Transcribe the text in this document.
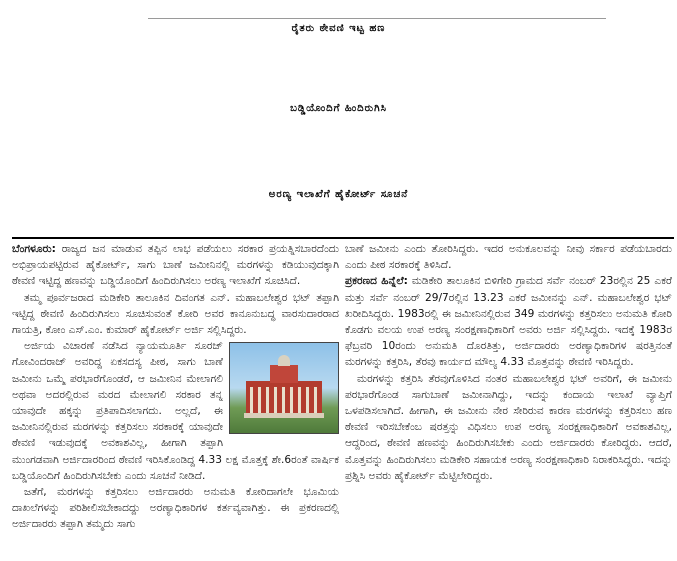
ರೈತರು ಠೇವಣಿ ಇಟ್ಟ ಹಣ
ಬಡ್ಡಿಯೊಂದಿಗೆ ಹಿಂದಿರುಗಿಸಿ
ಅರಣ್ಯ ಇಲಾಖೆಗೆ ಹೈಕೋರ್ಟ್ ಸೂಚನೆ

ಬೆಂಗಳೂರು: ರಾಜ್ಯದ ಜನ ಮಾಡುವ ತಪ್ಪಿನ ಲಾಭ ಪಡೆಯಲು ಸರಕಾರ ಪ್ರಯತ್ನಿಸಬಾರದೆಂದು ಅಭಿಪ್ರಾಯಪಟ್ಟಿರುವ ಹೈಕೋರ್ಟ್, ಸಾಗು ಬಾಣೆ ಜಮೀನಿನಲ್ಲಿ ಮರಗಳನ್ನು ಕಡಿಯುವುದಕ್ಕಾಗಿ ಠೇವಣಿ ಇಟ್ಟಿದ್ದ ಹಣವನ್ನು ಬಡ್ಡಿಯೊಂದಿಗೆ ಹಿಂದಿರುಗಿಸಲು ಅರಣ್ಯ ಇಲಾಖೆಗೆ ಸೂಚಿಸಿದೆ.

ತಮ್ಮ ಪೂರ್ವಜರಾದ ಮಡಿಕೇರಿ ತಾಲೂಕಿನ ದಿವಂಗತ ಎನ್. ಮಹಾಬಲೇಶ್ವರ ಭಟ್ ತಪ್ಪಾಗಿ ಇಟ್ಟಿದ್ದ ಠೇವಣಿ ಹಿಂದಿರುಗಿಸಲು ಸೂಚಿಸುವಂತೆ ಕೋರಿ ಅವರ ಕಾನೂನುಬದ್ಧ ವಾರಸುದಾರರಾದ ಗಾಯತ್ರಿ, ಕೋಂ ಎಸ್.ಎಂ. ಕುಮಾರ್ ಹೈಕೋರ್ಟ್ ಅರ್ಜಿ ಸಲ್ಲಿಸಿದ್ದರು.

ಅರ್ಜಿಯ ವಿಚಾರಣೆ ನಡೆಸಿದ ನ್ಯಾಯಮೂರ್ತಿ ಸೂರಜ್ ಗೋವಿಂದರಾಜ್ ಅವರಿದ್ದ ಏಕಸದಸ್ಯ ಪೀಠ, ಸಾಗು ಬಾಣೆ ಜಮೀನು ಒಮ್ಮೆ ಪರಭಾರೆಗೊಂಡರೆ, ಆ ಜಮೀನಿನ ಮೇಲಾಗಲಿ ಅಥವಾ ಅದರಲ್ಲಿರುವ ಮರದ ಮೇಲಾಗಲಿ ಸರಕಾರ ತನ್ನ ಯಾವುದೇ ಹಕ್ಕನ್ನು ಪ್ರತಿಪಾದಿಸಲಾಗದು. ಅಲ್ಲದೆ, ಈ ಜಮೀನಿನಲ್ಲಿರುವ ಮರಗಳನ್ನು ಕತ್ತರಿಸಲು ಸರಕಾರಕ್ಕೆ ಯಾವುದೇ ಠೇವಣಿ ಇಡುವುದಕ್ಕೆ ಅವಕಾಶವಿಲ್ಲ, ಹೀಗಾಗಿ ತಪ್ಪಾಗಿ ಮುಂಗಡವಾಗಿ ಅರ್ಜಿದಾರರಿಂದ ಠೇವಣಿ ಇರಿಸಿಕೊಂಡಿದ್ದ 4.33 ಲಕ್ಷ ಮೊತ್ತಕ್ಕೆ ಶೇ.6ರಂತೆ ವಾರ್ಷಿಕ ಬಡ್ಡಿಯೊಂದಿಗೆ ಹಿಂದಿರುಗಿಸಬೇಕು ಎಂದು ಸೂಚನೆ ನೀಡಿದೆ.

ಜತೆಗೆ, ಮರಗಳನ್ನು ಕತ್ತರಿಸಲು ಅರ್ಜಿದಾರರು ಅನುಮತಿ ಕೋರಿದಾಗಲೇ ಭೂಮಿಯ ದಾಖಲೆಗಳನ್ನು ಪರಿಶೀಲಿಸಬೇಕಾದದ್ದು ಅರಣ್ಯಾಧಿಕಾರಿಗಳ ಕರ್ತವ್ಯವಾಗಿತ್ತು. ಈ ಪ್ರಕರಣದಲ್ಲಿ ಅರ್ಜಿದಾರರು ತಪ್ಪಾಗಿ ತಮ್ಮದು ಸಾಗು

ಬಾಣೆ ಜಮೀನು ಎಂದು ತೋರಿಸಿದ್ದರು. ಇದರ ಅನುಕೂಲವನ್ನು ನೀವು ಸರ್ಕಾರ ಪಡೆಯಬಾರದು ಎಂದು ಪೀಠ ಸರಕಾರಕ್ಕೆ ತಿಳಿಸಿದೆ.

ಪ್ರಕರಣದ ಹಿನ್ನೆಲೆ: ಮಡಿಕೇರಿ ತಾಲೂಕಿನ ಬಿಳಿಗೇರಿ ಗ್ರಾಮದ ಸರ್ವೆ ನಂಬರ್ 23ರಲ್ಲಿನ 25 ಎಕರೆ ಮತ್ತು ಸರ್ವೆ ನಂಬರ್ 29/7ರಲ್ಲಿನ 13.23 ಎಕರೆ ಜಮೀನನ್ನು ಎನ್. ಮಹಾಬಲೇಶ್ವರ ಭಟ್ ಖರೀದಿಸಿದ್ದರು. 1983ರಲ್ಲಿ ಈ ಜಮೀನಿನಲ್ಲಿರುವ 349 ಮರಗಳನ್ನು ಕತ್ತರಿಸಲು ಅನುಮತಿ ಕೋರಿ ಕೊಡಗು ವಲಯ ಉಪ ಅರಣ್ಯ ಸಂರಕ್ಷಣಾಧಿಕಾರಿಗೆ ಅವರು ಅರ್ಜಿ ಸಲ್ಲಿಸಿದ್ದರು. ಇದಕ್ಕೆ 1983ರ ಫೆಬ್ರವರಿ 10ರಂದು ಅನುಮತಿ ದೊರತಿತ್ತು, ಅರ್ಜಿದಾರರು ಅರಣ್ಯಾಧಿಕಾರಿಗಳ ಷರತ್ತಿನಂತೆ ಮರಗಳನ್ನು ಕತ್ತರಿಸಿ, ತೆರವು ಕಾರ್ಯದ ಮೌಲ್ಯ 4.33 ಮೊತ್ತವನ್ನು ಠೇವಣಿ ಇರಿಸಿದ್ದರು.

ಮರಗಳನ್ನು ಕತ್ತರಿಸಿ ತೆರವುಗೊಳಿಸಿದ ನಂತರ ಮಹಾಬಲೇಶ್ವರ ಭಟ್ ಅವರಿಗೆ, ಈ ಜಮೀನು ಪರಭಾರೆಗೊಂಡ ಸಾಗುಬಾಣೆ ಜಮೀನಾಗಿದ್ದು, ಇದನ್ನು ಕಂದಾಯ ಇಲಾಖೆ ವ್ಯಾಪ್ತಿಗೆ ಒಳಪಡಿಸಲಾಗಿದೆ. ಹೀಗಾಗಿ, ಈ ಜಮೀನು ನೇರ ಸೇರಿರುವ ಕಾರಣ ಮರಗಳನ್ನು ಕತ್ತರಿಸಲು ಹಣ ಠೇವಣಿ ಇರಿಸಬೇಕೆಂಬ ಷರತ್ತನ್ನು ವಿಧಿಸಲು ಉಪ ಅರಣ್ಯ ಸಂರಕ್ಷಣಾಧಿಕಾರಿಗೆ ಅವಕಾಶವಿಲ್ಲ, ಆದ್ದರಿಂದ, ಠೇವಣಿ ಹಣವನ್ನು ಹಿಂದಿರುಗಿಸಬೇಕು ಎಂದು ಅರ್ಜಿದಾರರು ಕೋರಿದ್ದರು. ಆದರೆ, ಮೊತ್ತವನ್ನು ಹಿಂದಿರುಗಿಸಲು ಮಡಿಕೇರಿ ಸಹಾಯಕ ಅರಣ್ಯ ಸಂರಕ್ಷಣಾಧಿಕಾರಿ ನಿರಾಕರಿಸಿದ್ದರು. ಇದನ್ನು ಪ್ರಶ್ನಿಸಿ ಅವರು ಹೈಕೋರ್ಟ್ ಮೆಟ್ಟಿಲೇರಿದ್ದರು.
